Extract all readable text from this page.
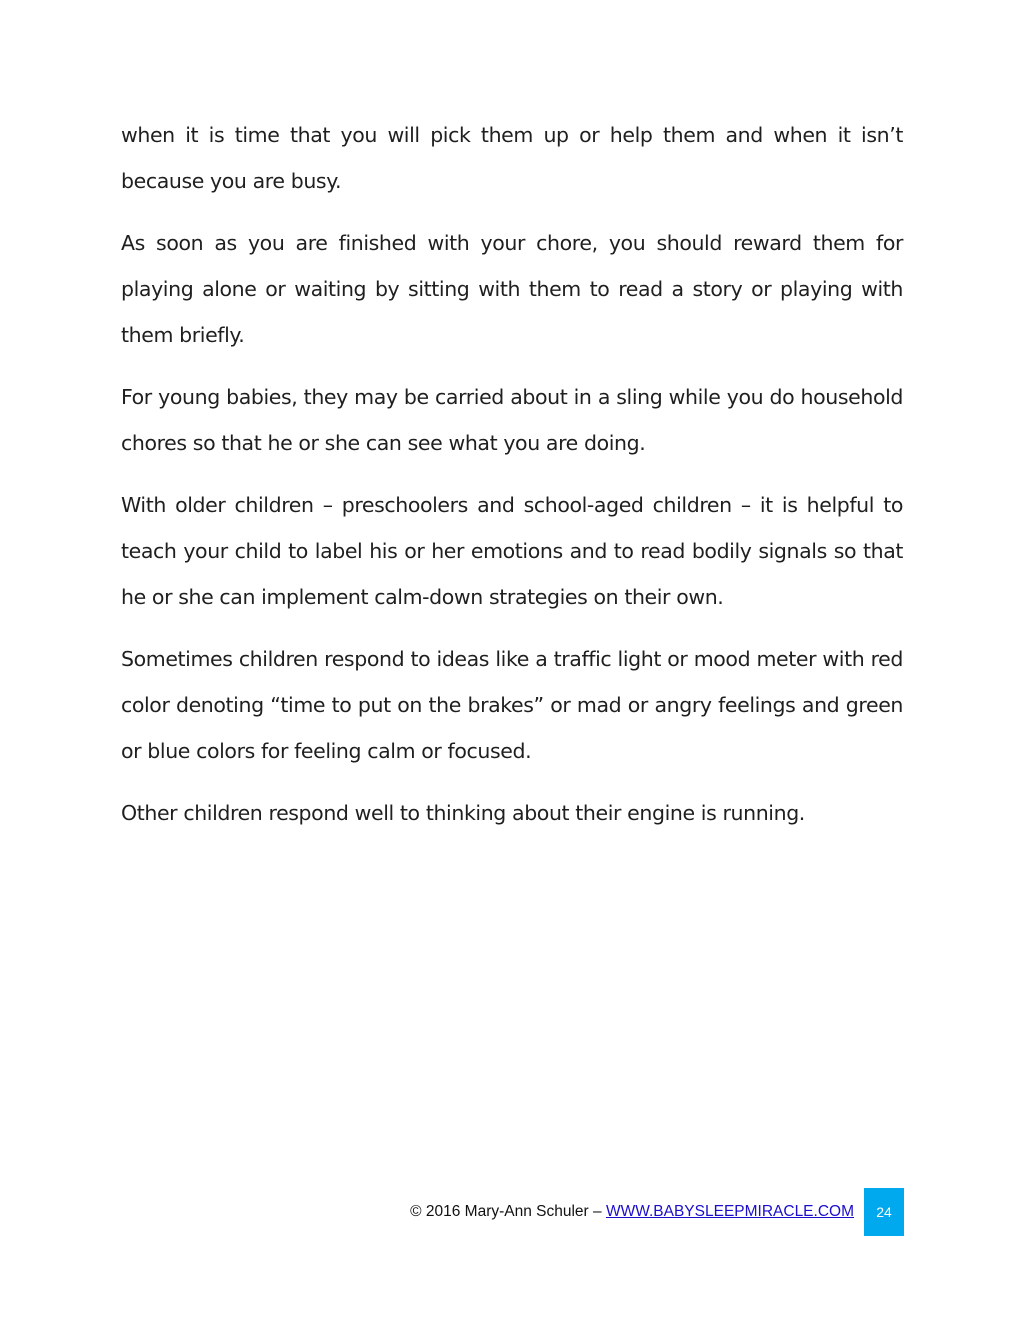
when it is time that you will pick them up or help them and when it isn’t because you are busy.

As soon as you are finished with your chore, you should reward them for playing alone or waiting by sitting with them to read a story or playing with them briefly.

For young babies, they may be carried about in a sling while you do household chores so that he or she can see what you are doing.

With older children – preschoolers and school-aged children – it is helpful to teach your child to label his or her emotions and to read bodily signals so that he or she can implement calm-down strategies on their own.

Sometimes children respond to ideas like a traffic light or mood meter with red color denoting “time to put on the brakes” or mad or angry feelings and green or blue colors for feeling calm or focused.

Other children respond well to thinking about their engine is running.

© 2016 Mary-Ann Schuler – WWW.BABYSLEEPMIRACLE.COM 24
